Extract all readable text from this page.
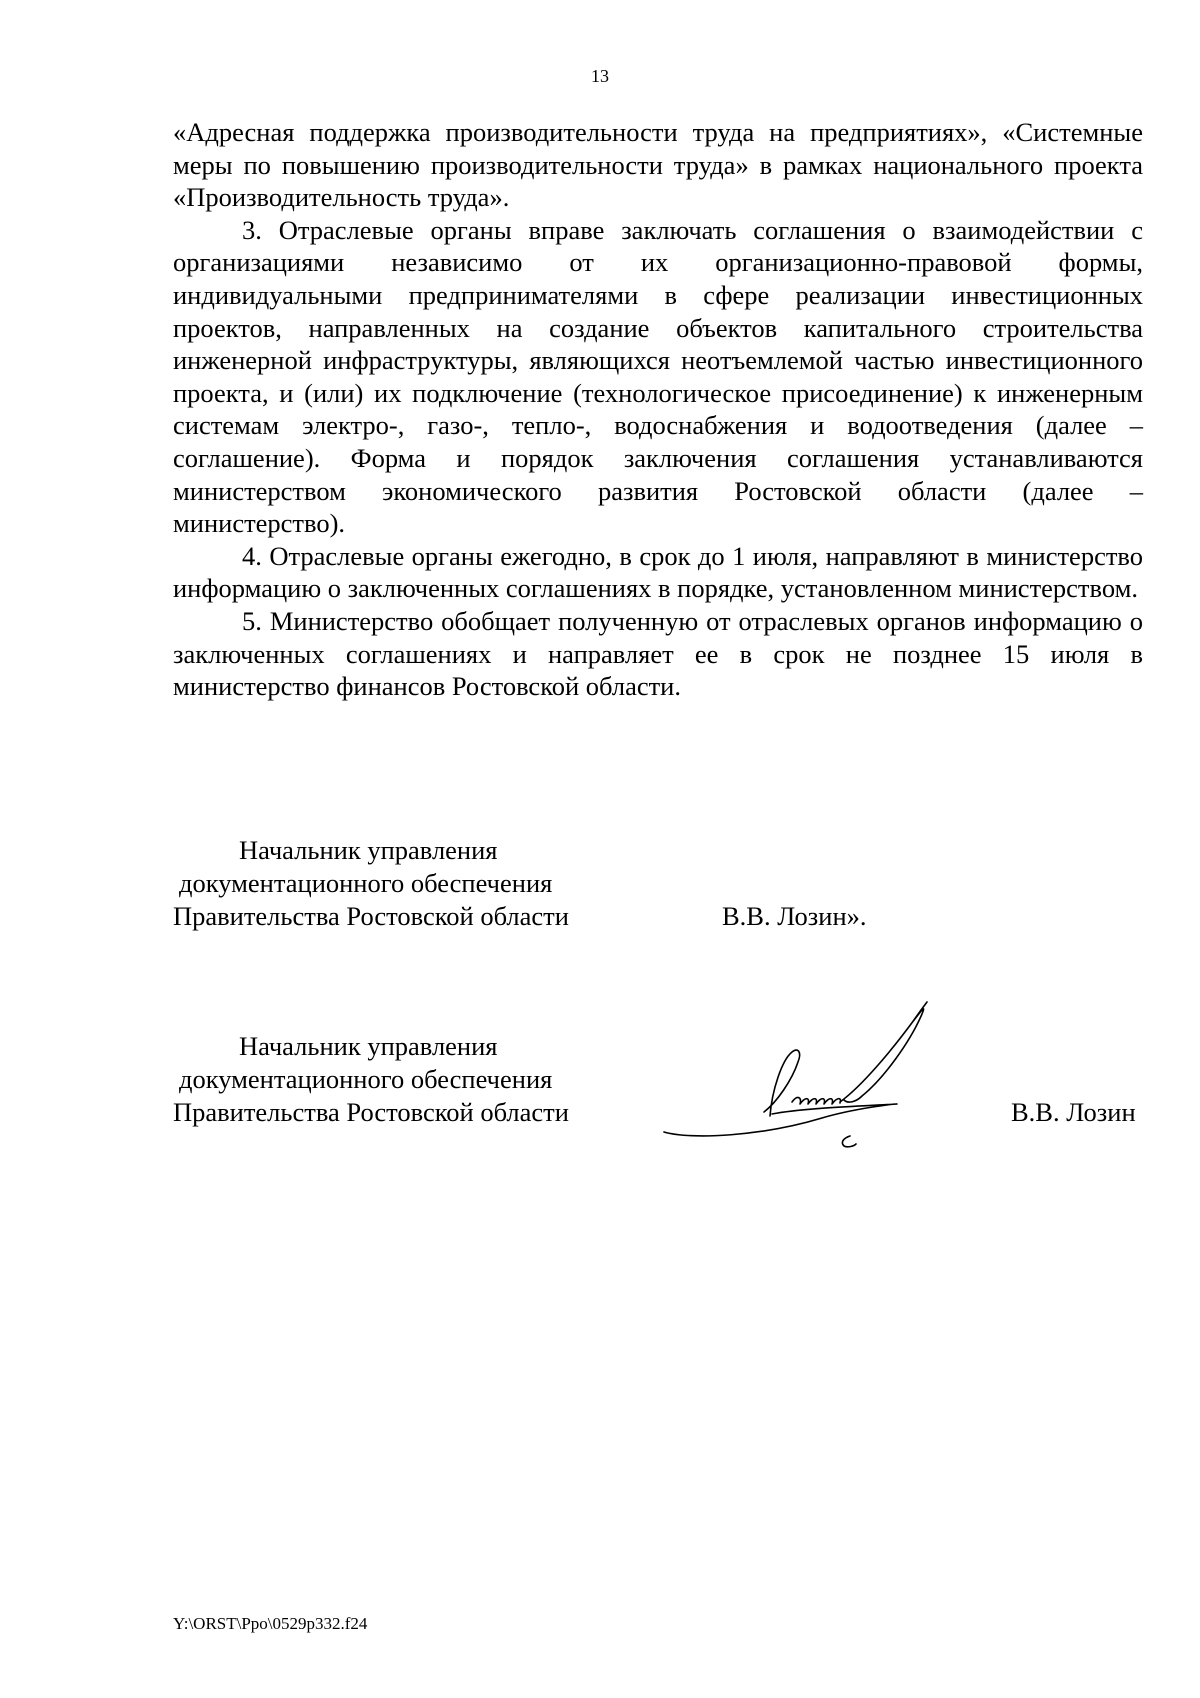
13

«Адресная поддержка производительности труда на предприятиях», «Системные меры по повышению производительности труда» в рамках национального проекта «Производительность труда».

3. Отраслевые органы вправе заключать соглашения о взаимодействии с организациями независимо от их организационно-правовой формы, индивидуальными предпринимателями в сфере реализации инвестиционных проектов, направленных на создание объектов капитального строительства инженерной инфраструктуры, являющихся неотъемлемой частью инвестиционного проекта, и (или) их подключение (технологическое присоединение) к инженерным системам электро-, газо-, тепло-, водоснабжения и водоотведения (далее – соглашение). Форма и порядок заключения соглашения устанавливаются министерством экономического развития Ростовской области (далее – министерство).

4. Отраслевые органы ежегодно, в срок до 1 июля, направляют в министерство информацию о заключенных соглашениях в порядке, установленном министерством.

5. Министерство обобщает полученную от отраслевых органов информацию о заключенных соглашениях и направляет ее в срок не позднее 15 июля в министерство финансов Ростовской области.

Начальник управления
документационного обеспечения
Правительства Ростовской области	В.В. Лозин».
Начальник управления
документационного обеспечения
Правительства Ростовской области	В.В. Лозин
Y:\ORST\Ppo\0529p332.f24
